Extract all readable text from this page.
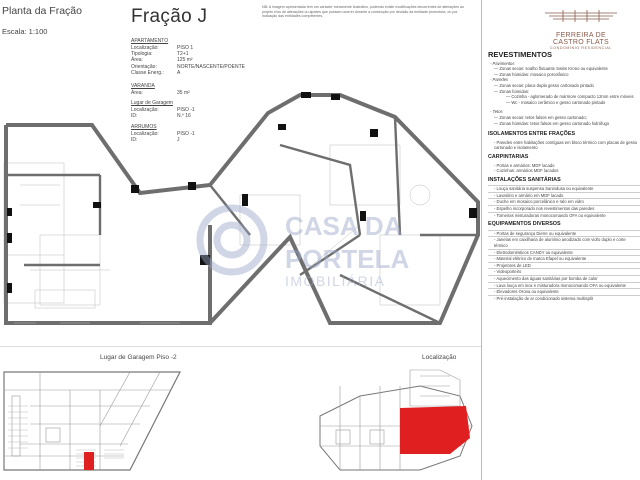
Planta da Fração
Escala: 1:100
Fração J	NB: A imagem apresentada tem um carácter meramente ilustrativo, podendo existir modificações decorrentes de alterações ao projeto e/ou de alterações ou ajustes que possam ocorrer durante a construção por decisão da entidade promotora, ou por indicação das entidades competentes.
APARTAMENTO
Localização:	PISO 1
Tipologia:	T2+1
Área:	125 m²
Orientação:	NORTE/NASCENTE/POENTE
Classe Energ.:	A
VARANDA
Área:	35 m²
Lugar de Garagem
Localização:	PISO -1
ID:	N.º 16
ARRUMOS
Localização:	PISO -1
ID:	J
FERREIRA DE CASTRO FLATS
CONDOMÍNIO RESIDENCIAL
REVESTIMENTOS
- Pavimentos
— Zonas secas: soalho flutuante Swiss Krono ou equivalente
— Zonas húmidas: mosaico porcelânico
- Paredes
— Zonas secas: placa dupla gesso cartonado pintado
— Zonas húmidas:
— Cozinha - aglomerado de mármore compacto 12mm entre móveis
— Wc - mosaico cerâmico e gesso cartonado pintado
- Tetos
— Zonas secas: tetos falsos em gesso cartonado;
— Zonas húmidas: tetos falsos em gesso cartonado hidrófugo
ISOLAMENTOS ENTRE FRAÇÕES
- Paredes entre habitações contíguas em bloco térmico com placas de gesso cartonado e isolamento
CARPINTARIAS
- Portas e armários: MDF lacado
- Cozinhas: armários MDF lacados
INSTALAÇÕES SANITÁRIAS
- Louça sanitária suspensa Sanindusa ou equivalente
- Lavatório e armário em MDF lacado
- Duche em mosaico porcelânico e ralo em vidro
- Espelho incorporado nos revestimentos das paredes
- Torneiras misturadoras monocomando OFA ou equivalente
EQUIPAMENTOS DIVERSOS
- Portas de segurança Dierre ou equivalente
- Janelas em caixilharia de alumínio anodizado com vidro duplo e corte térmico
- Eletrodomésticos CANDY ou equivalente
- Material elétrico de marca Efapel ou equivalente
- Projetores de LED
- Videoporteiro
- Aquecimento das águas sanitárias por bomba de calor
- Lava louça em inox e misturadora monocomando OFA ou equivalente
- Elevadores Orona ou equivalente
- Pré-instalação de ar condicionado sistema multisplit
CASA DA
PORTELA
IMOBILIÁRIA
Lugar de Garagem Piso -2	Localização
